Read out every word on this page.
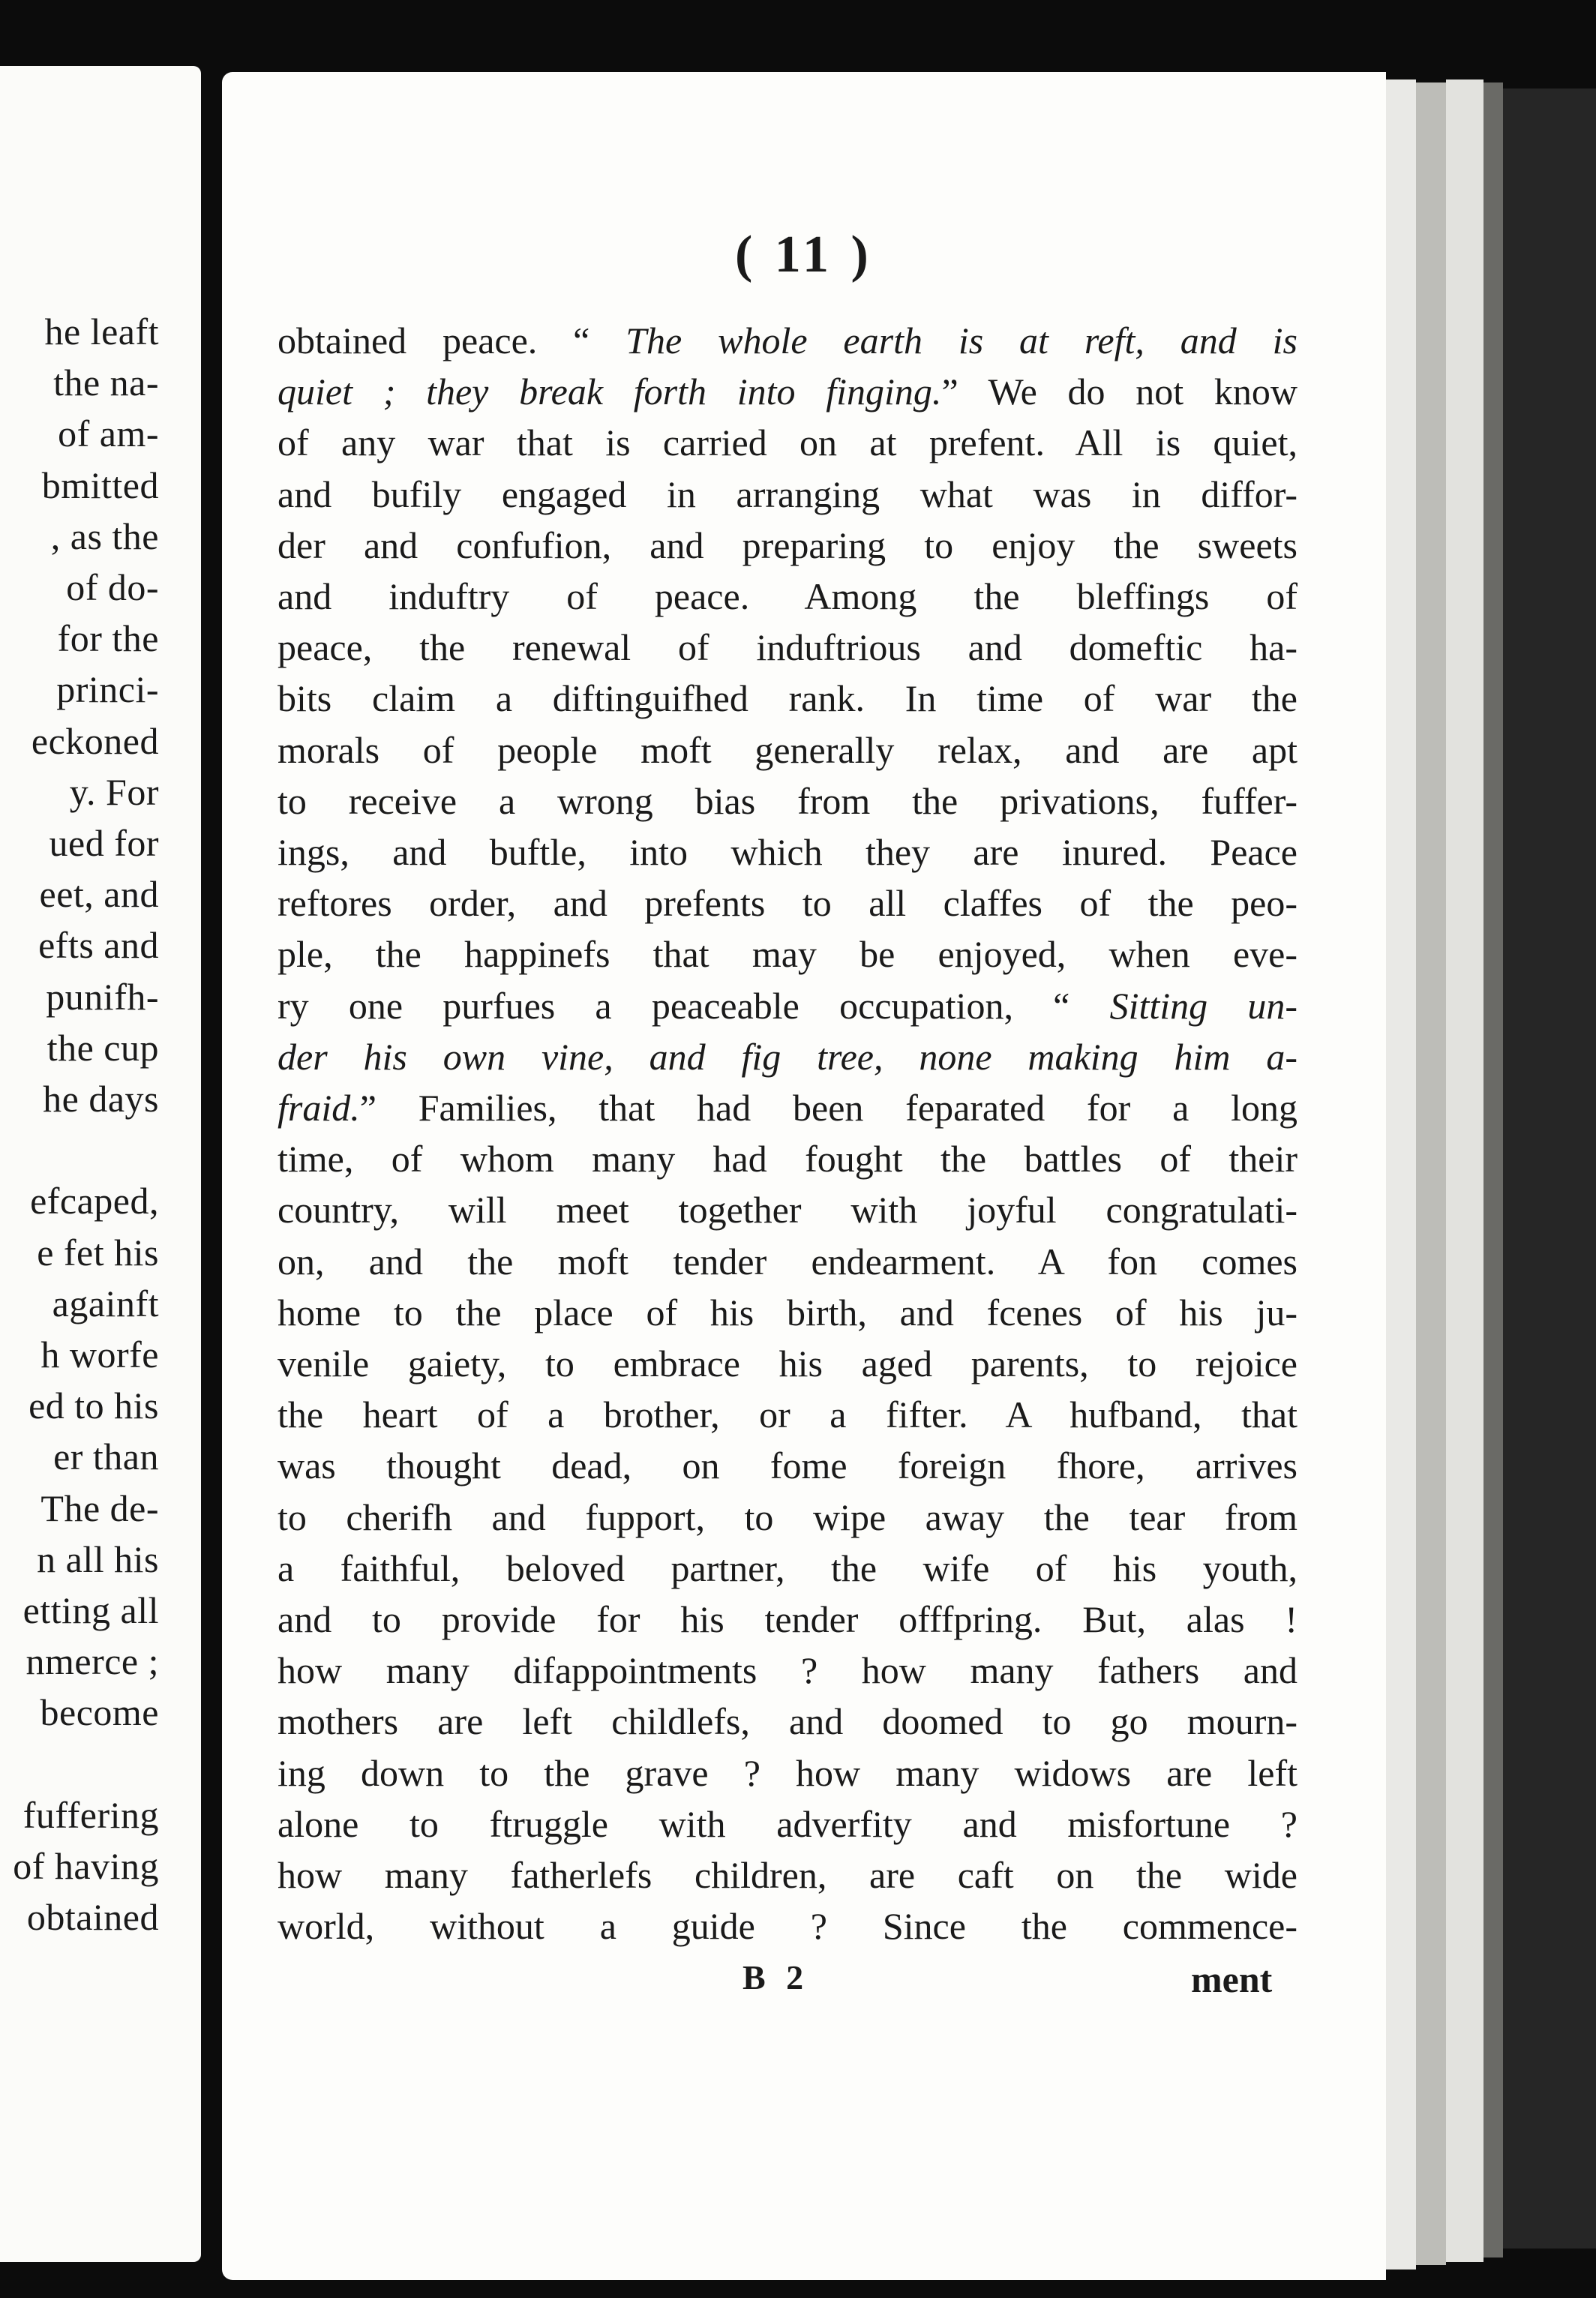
he leaft
the na-
of am-
bmitted
, as the
of do-
for the
princi-
eckoned
y. For
ued for
eet, and
efts and
punifh-
the cup
he days
efcaped,
e fet his
againft
h worfe
ed to his
er than
The de-
n all his
etting all
nmerce ;
become
fuffering
of having
obtained
( 11 )
obtained peace. “ The whole earth is at reft, and is
quiet ; they break forth into finging.” We do not know
of any war that is carried on at prefent. All is quiet,
and bufily engaged in arranging what was in diffor-
der and confufion, and preparing to enjoy the sweets
and induftry of peace. Among the bleffings of
peace, the renewal of induftrious and domeftic ha-
bits claim a diftinguifhed rank. In time of war the
morals of people moft generally relax, and are apt
to receive a wrong bias from the privations, fuffer-
ings, and buftle, into which they are inured. Peace
reftores order, and prefents to all claffes of the peo-
ple, the happinefs that may be enjoyed, when eve-
ry one purfues a peaceable occupation, “ Sitting un-
der his own vine, and fig tree, none making him a-
fraid.” Families, that had been feparated for a long
time, of whom many had fought the battles of their
country, will meet together with joyful congratulati-
on, and the moft tender endearment. A fon comes
home to the place of his birth, and fcenes of his ju-
venile gaiety, to embrace his aged parents, to rejoice
the heart of a brother, or a fifter. A hufband, that
was thought dead, on fome foreign fhore, arrives
to cherifh and fupport, to wipe away the tear from
a faithful, beloved partner, the wife of his youth,
and to provide for his tender offfpring. But, alas !
how many difappointments ? how many fathers and
mothers are left childlefs, and doomed to go mourn-
ing down to the grave ? how many widows are left
alone to ftruggle with adverfity and misfortune ?
how many fatherlefs children, are caft on the wide
world, without a guide ? Since the commence-
B 2	ment
